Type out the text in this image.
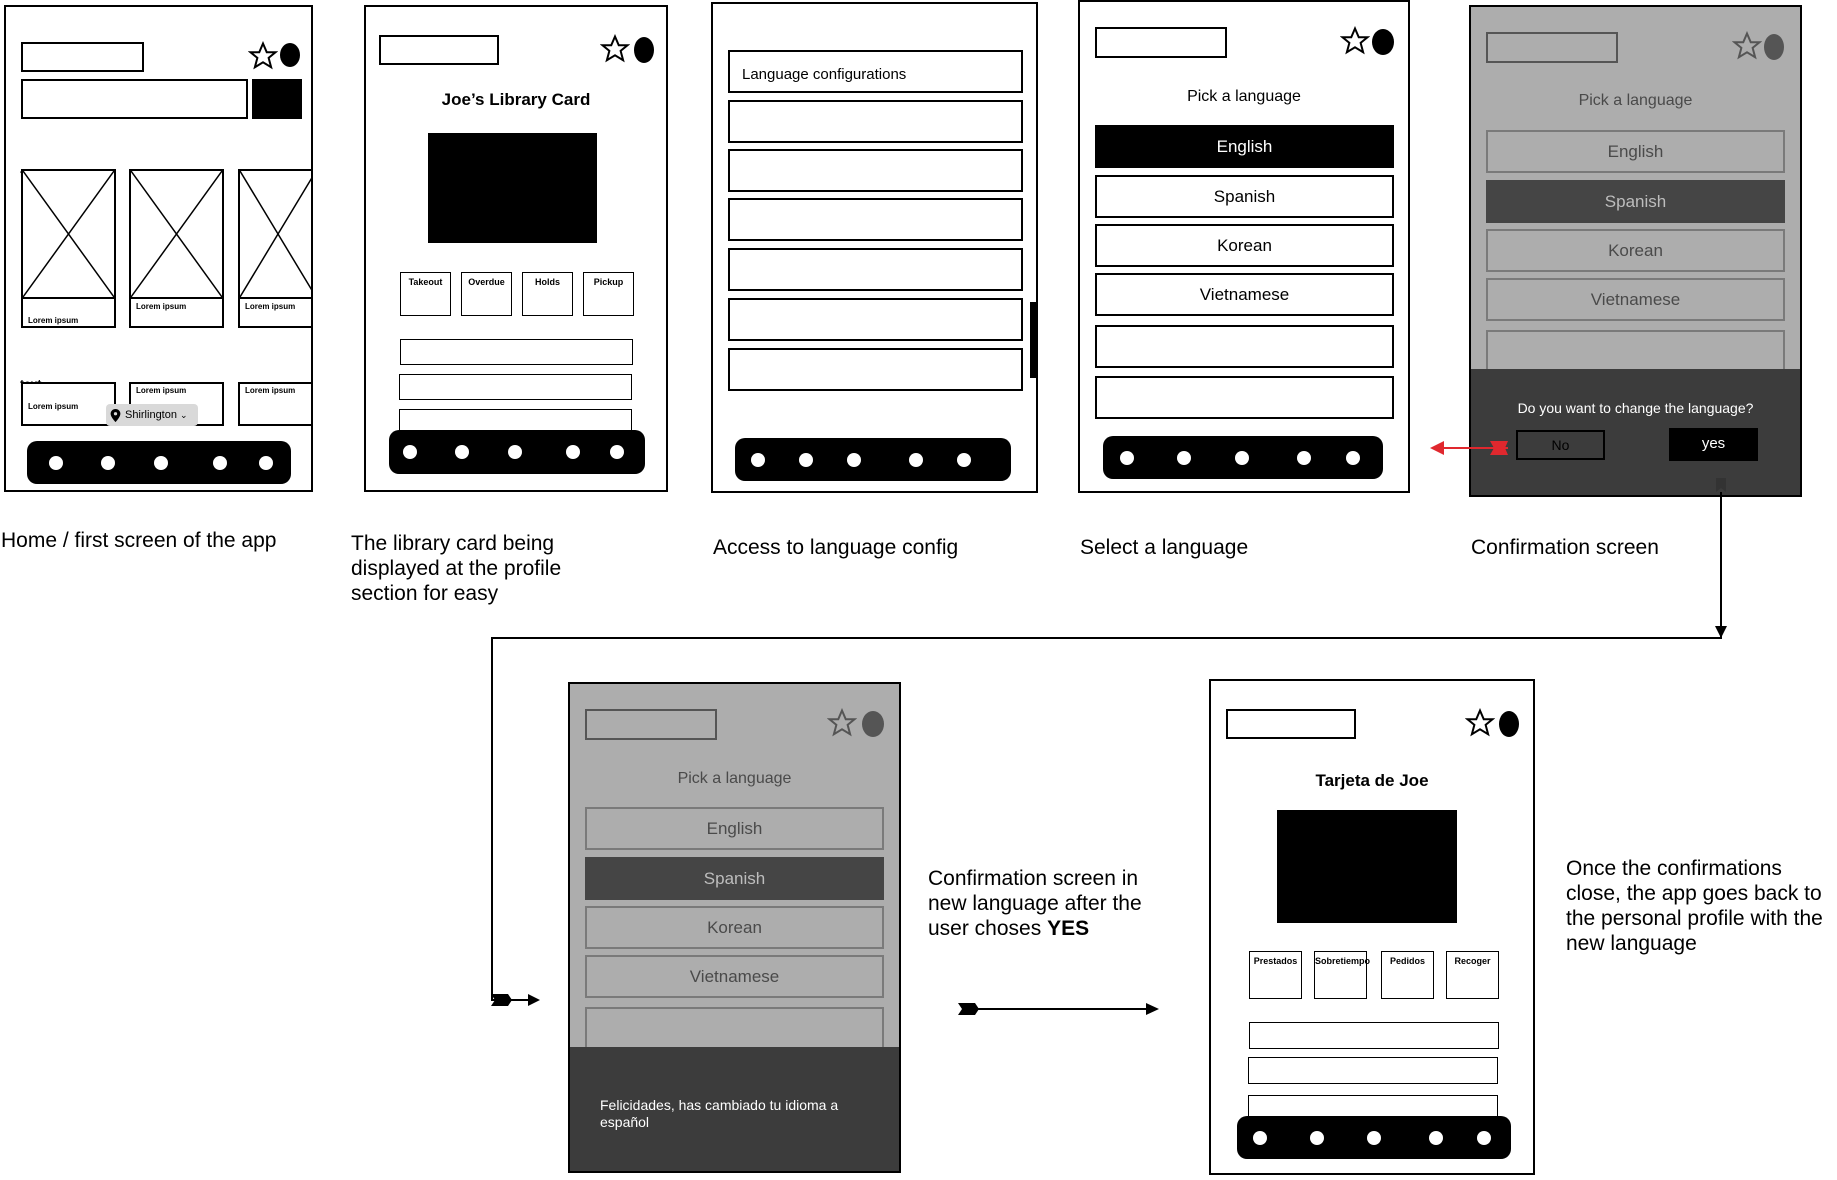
Lorem ipsum
Lorem ipsum	Lorem ipsum
Lorem ipsum
Lorem ipsum	Lorem ipsum
Shirlington ⌄
Joe’s Library Card
Takeout	Overdue	Holds	Pickup
Language configurations
Pick a language
English
Spanish
Korean
Vietnamese
Pick a language
English
Spanish
Korean
Vietnamese
Do you want to change the language?
No	yes
Pick a language
English
Spanish
Korean
Vietnamese
Felicidades, has cambiado tu idioma a español
Tarjeta de Joe
Prestados	Sobretiempo	Pedidos	Recoger
Home / first screen of the app	The library card being displayed at the profile section for easy
Access to language config	Select a language	Confirmation screen
Confirmation screen in new language after the user choses YES
Once the confirmations close, the app goes back to the personal profile with the new language
